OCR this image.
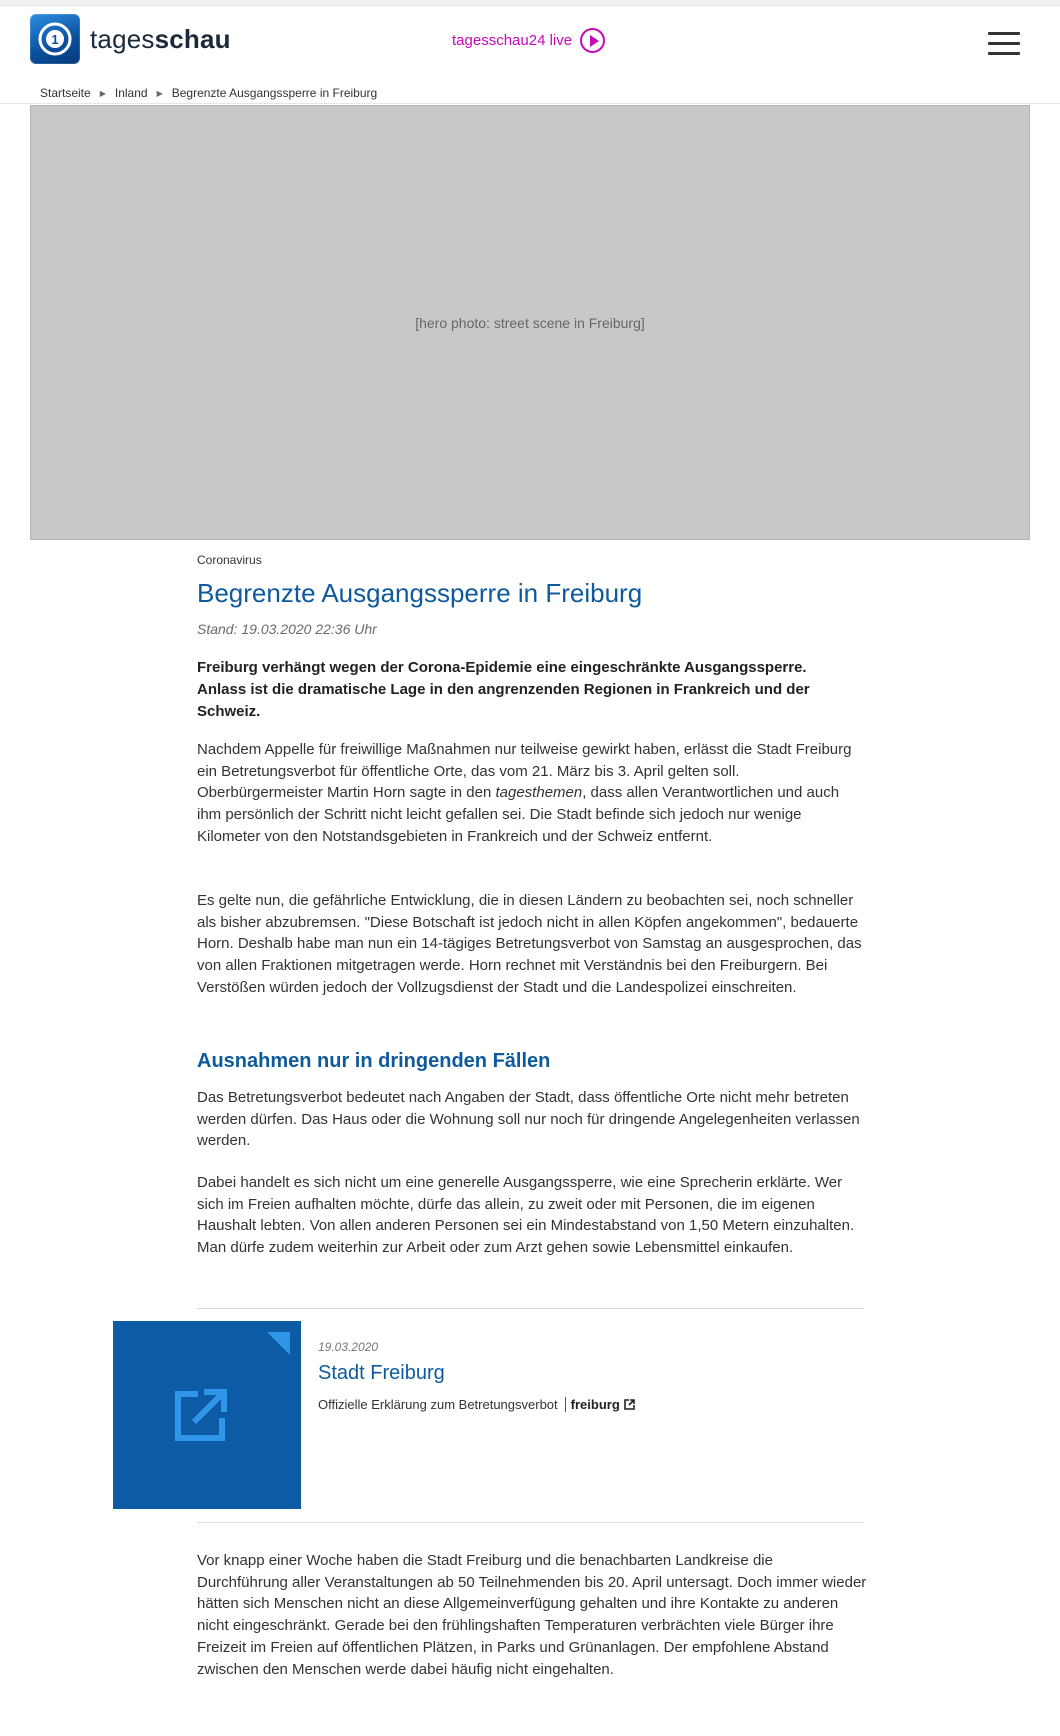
1 tagesschau	tagesschau24 live
Startseite ▶ Inland ▶ Begrenzte Ausgangssperre in Freiburg
[hero photo: street scene in Freiburg]
Coronavirus
Begrenzte Ausgangssperre in Freiburg
Stand: 19.03.2020 22:36 Uhr

Freiburg verhängt wegen der Corona-Epidemie eine eingeschränkte Ausgangssperre. Anlass ist die dramatische Lage in den angrenzenden Regionen in Frankreich und der Schweiz.

Nachdem Appelle für freiwillige Maßnahmen nur teilweise gewirkt haben, erlässt die Stadt Freiburg ein Betretungsverbot für öffentliche Orte, das vom 21. März bis 3. April gelten soll. Oberbürgermeister Martin Horn sagte in den tagesthemen, dass allen Verantwortlichen und auch ihm persönlich der Schritt nicht leicht gefallen sei. Die Stadt befinde sich jedoch nur wenige Kilometer von den Notstandsgebieten in Frankreich und der Schweiz entfernt.

Es gelte nun, die gefährliche Entwicklung, die in diesen Ländern zu beobachten sei, noch schneller als bisher abzubremsen. "Diese Botschaft ist jedoch nicht in allen Köpfen angekommen", bedauerte Horn. Deshalb habe man nun ein 14-tägiges Betretungsverbot von Samstag an ausgesprochen, das von allen Fraktionen mitgetragen werde. Horn rechnet mit Verständnis bei den Freiburgern. Bei Verstößen würden jedoch der Vollzugsdienst der Stadt und die Landespolizei einschreiten.

Ausnahmen nur in dringenden Fällen

Das Betretungsverbot bedeutet nach Angaben der Stadt, dass öffentliche Orte nicht mehr betreten werden dürfen. Das Haus oder die Wohnung soll nur noch für dringende Angelegenheiten verlassen werden.

Dabei handelt es sich nicht um eine generelle Ausgangssperre, wie eine Sprecherin erklärte. Wer sich im Freien aufhalten möchte, dürfe das allein, zu zweit oder mit Personen, die im eigenen Haushalt lebten. Von allen anderen Personen sei ein Mindestabstand von 1,50 Metern einzuhalten. Man dürfe zudem weiterhin zur Arbeit oder zum Arzt gehen sowie Lebensmittel einkaufen.

Vor knapp einer Woche haben die Stadt Freiburg und die benachbarten Landkreise die Durchführung aller Veranstaltungen ab 50 Teilnehmenden bis 20. April untersagt. Doch immer wieder hätten sich Menschen nicht an diese Allgemeinverfügung gehalten und ihre Kontakte zu anderen nicht eingeschränkt. Gerade bei den frühlingshaften Temperaturen verbrächten viele Bürger ihre Freizeit im Freien auf öffentlichen Plätzen, in Parks und Grünanlagen. Der empfohlene Abstand zwischen den Menschen werde dabei häufig nicht eingehalten.

19.03.2020
Stadt Freiburg
Offizielle Erklärung zum Betretungsverbot freiburg
